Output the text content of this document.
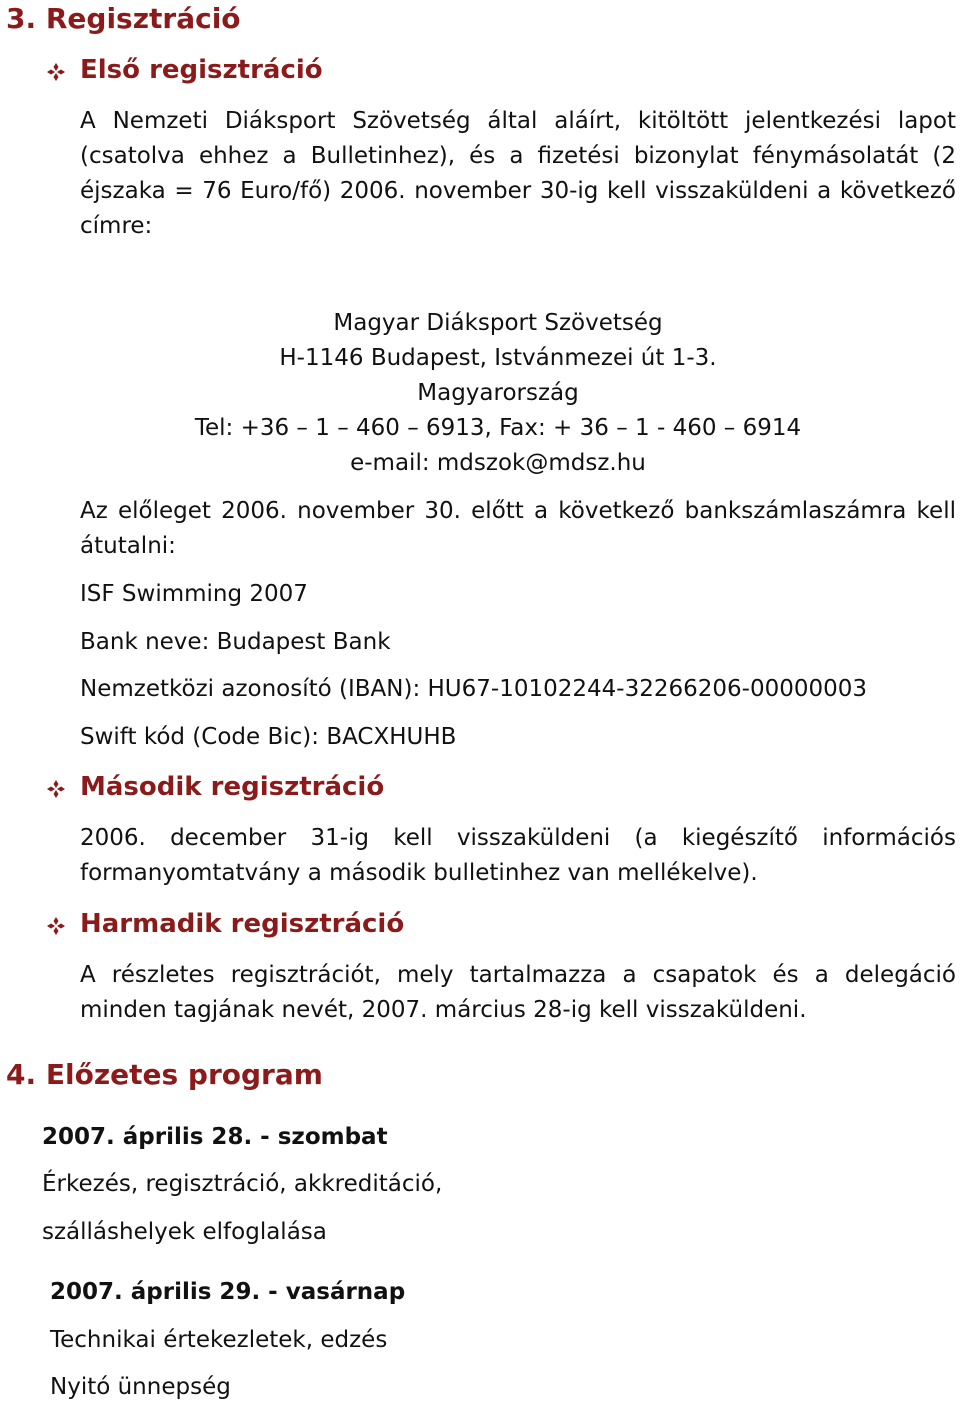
3. Regisztráció
Első regisztráció
A Nemzeti Diáksport Szövetség által aláírt, kitöltött jelentkezési lapot (csatolva ehhez a Bulletinhez), és a fizetési bizonylat fénymásolatát (2 éjszaka = 76 Euro/fő) 2006. november 30-ig kell visszaküldeni a következő címre:
Magyar Diáksport Szövetség
H-1146 Budapest, Istvánmezei út 1-3.
Magyarország
Tel: +36 – 1 – 460 – 6913, Fax: + 36 – 1 - 460 – 6914
e-mail: mdszok@mdsz.hu
Az előleget 2006. november 30. előtt a következő bankszámlaszámra kell átutalni:
ISF Swimming 2007
Bank neve: Budapest Bank
Nemzetközi azonosító (IBAN): HU67-10102244-32266206-00000003
Swift kód (Code Bic): BACXHUHB
Második regisztráció
2006. december 31-ig kell visszaküldeni (a kiegészítő információs formanyomtatvány a második bulletinhez van mellékelve).
Harmadik regisztráció
A részletes regisztrációt, mely tartalmazza a csapatok és a delegáció minden tagjának nevét, 2007. március 28-ig kell visszaküldeni.
4. Előzetes program
2007. április 28. - szombat
Érkezés, regisztráció, akkreditáció,
szálláshelyek elfoglalása
2007. április 29. - vasárnap
Technikai értekezletek, edzés
Nyitó ünnepség
